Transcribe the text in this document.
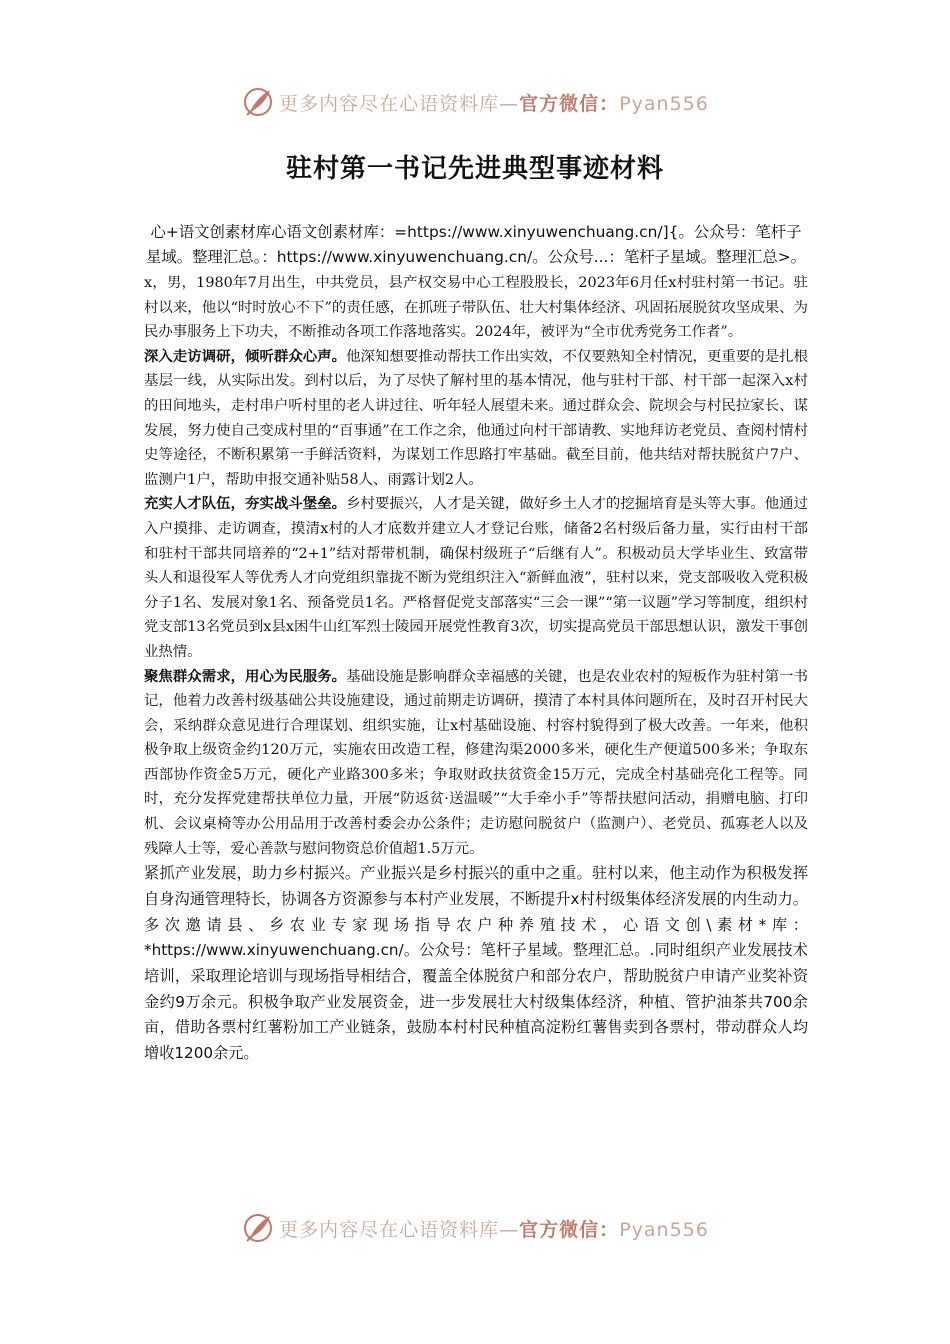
更多内容尽在心语资料库—官方微信：Pyan556
驻村第一书记先进典型事迹材料

心+语文创素材库心语文创素材库：=https://www.xinyuwenchuang.cn/]{。公众号：笔杆子星域。整理汇总。：https://www.xinyuwenchuang.cn/。公众号...：笔杆子星域。整理汇总>。

x，男，1980年7月出生，中共党员，县产权交易中心工程股股长，2023年6月任x村驻村第一书记。驻村以来，他以“时时放心不下”的责任感，在抓班子带队伍、壮大村集体经济、巩固拓展脱贫攻坚成果、为民办事服务上下功夫，不断推动各项工作落地落实。2024年，被评为“全市优秀党务工作者”。

深入走访调研，倾听群众心声。他深知想要推动帮扶工作出实效，不仅要熟知全村情况，更重要的是扎根基层一线，从实际出发。到村以后，为了尽快了解村里的基本情况，他与驻村干部、村干部一起深入x村的田间地头，走村串户听村里的老人讲过往、听年轻人展望未来。通过群众会、院坝会与村民拉家长、谋发展，努力使自己变成村里的“百事通”在工作之余，他通过向村干部请教、实地拜访老党员、查阅村情村史等途径，不断积累第一手鲜活资料，为谋划工作思路打牢基础。截至目前，他共结对帮扶脱贫户7户、监测户1户，帮助申报交通补贴58人、雨露计划2人。

充实人才队伍，夯实战斗堡垒。乡村要振兴，人才是关键，做好乡土人才的挖掘培育是头等大事。他通过入户摸排、走访调查，摸清x村的人才底数并建立人才登记台账，储备2名村级后备力量，实行由村干部和驻村干部共同培养的“2+1”结对帮带机制，确保村级班子“后继有人”。积极动员大学毕业生、致富带头人和退役军人等优秀人才向党组织靠拢不断为党组织注入“新鲜血液”，驻村以来，党支部吸收入党积极分子1名、发展对象1名、预备党员1名。严格督促党支部落实“三会一课”“第一议题”学习等制度，组织村党支部13名党员到x县x困牛山红军烈士陵园开展党性教育3次，切实提高党员干部思想认识，激发干事创业热情。

聚焦群众需求，用心为民服务。基础设施是影响群众幸福感的关键，也是农业农村的短板作为驻村第一书记，他着力改善村级基础公共设施建设，通过前期走访调研，摸清了本村具体问题所在，及时召开村民大会，采纳群众意见进行合理谋划、组织实施，让x村基础设施、村容村貌得到了极大改善。一年来，他积极争取上级资金约120万元，实施农田改造工程，修建沟渠2000多米，硬化生产便道500多米；争取东西部协作资金5万元，硬化产业路300多米；争取财政扶贫资金15万元，完成全村基础亮化工程等。同时，充分发挥党建帮扶单位力量，开展“防返贫·送温暖”“大手牵小手”等帮扶慰问活动，捐赠电脑、打印机、会议桌椅等办公用品用于改善村委会办公条件；走访慰问脱贫户（监测户）、老党员、孤寡老人以及残障人士等，爱心善款与慰问物资总价值超1.5万元。

紧抓产业发展，助力乡村振兴。产业振兴是乡村振兴的重中之重。驻村以来，他主动作为积极发挥自身沟通管理特长，协调各方资源参与本村产业发展，不断提升x村村级集体经济发展的内生动力。多次邀请县、乡农业专家现场指导农户种养殖技术，心语文创\素材*库：*https://www.xinyuwenchuang.cn/。公众号：笔杆子星域。整理汇总。.同时组织产业发展技术培训，采取理论培训与现场指导相结合，覆盖全体脱贫户和部分农户，帮助脱贫户申请产业奖补资金约9万余元。积极争取产业发展资金，进一步发展壮大村级集体经济，种植、管护油茶共700余亩，借助各票村红薯粉加工产业链条，鼓励本村村民种植高淀粉红薯售卖到各票村，带动群众人均增收1200余元。

更多内容尽在心语资料库—官方微信：Pyan556
